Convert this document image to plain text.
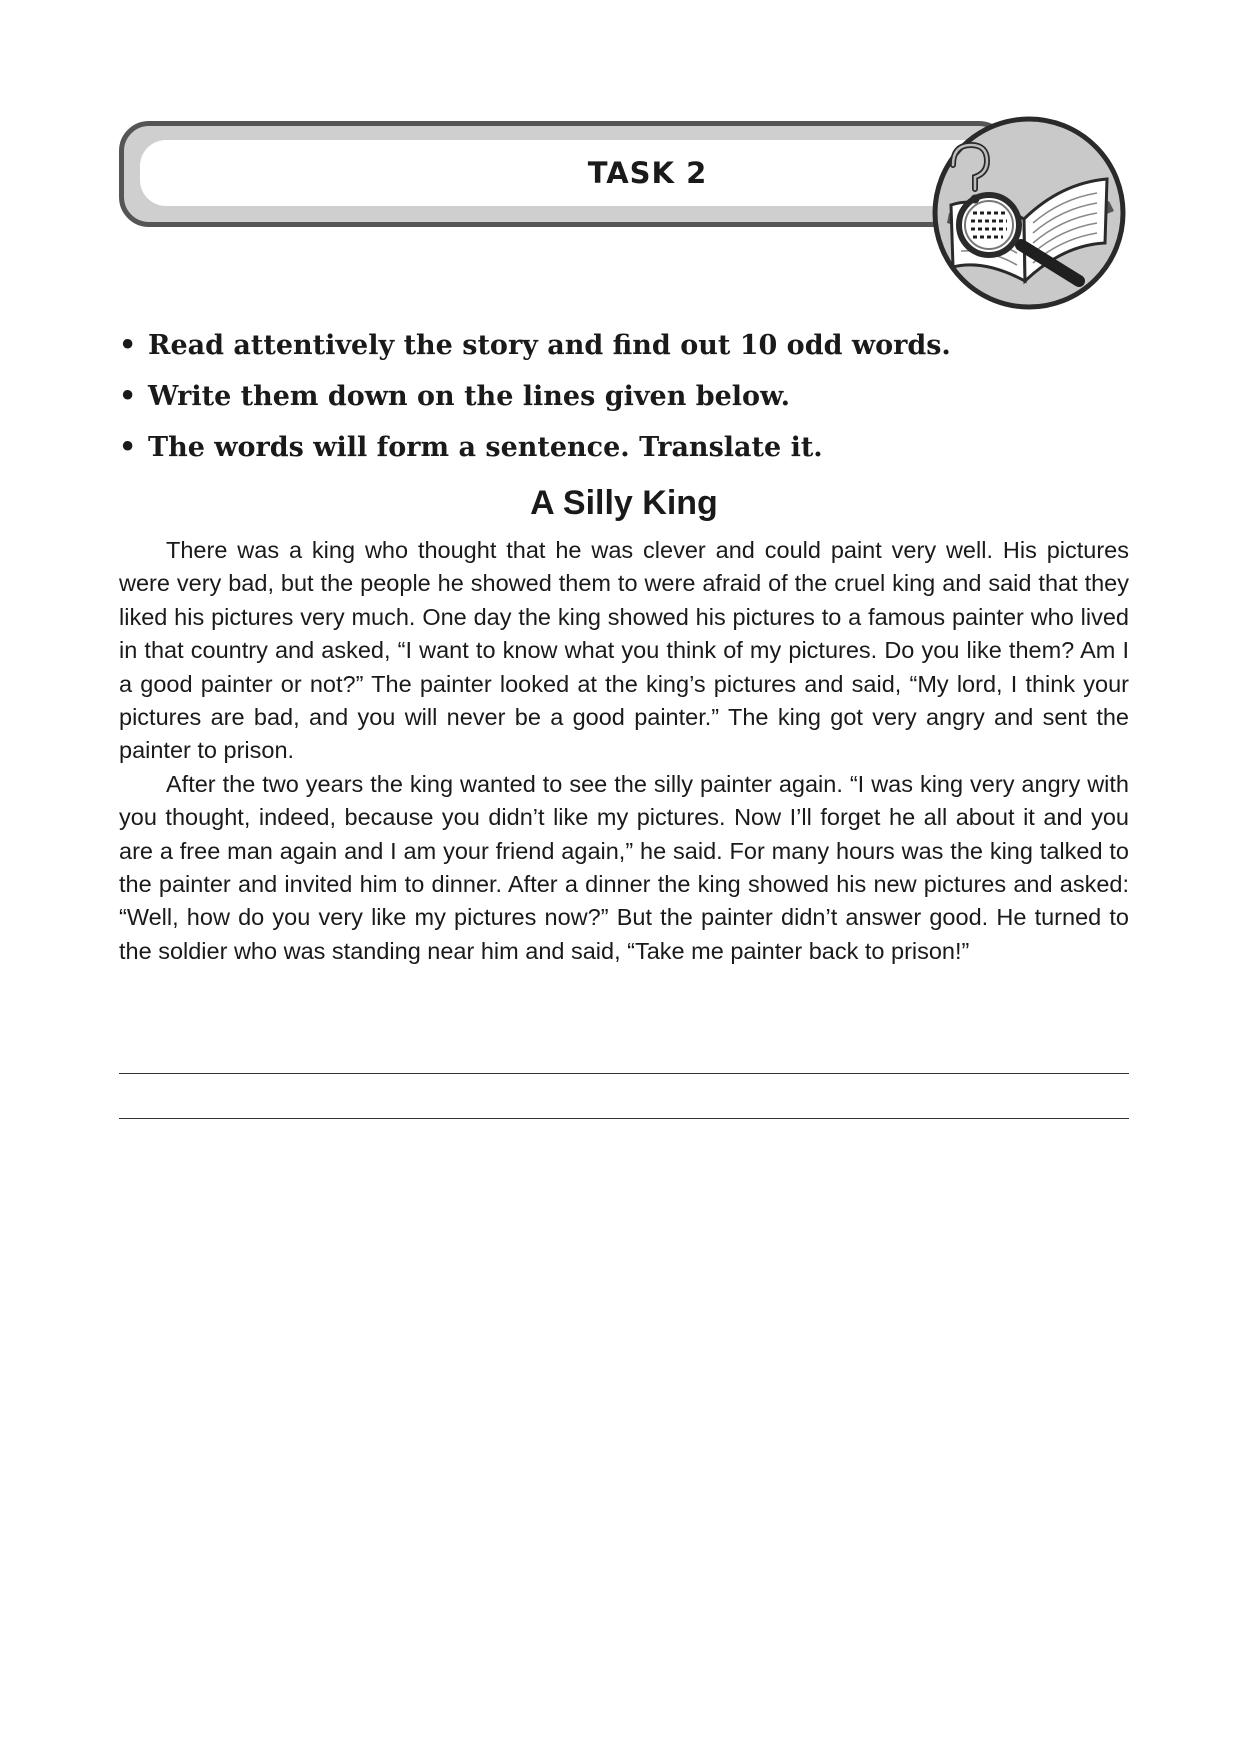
TASK 2
• Read attentively the story and find out 10 odd words.
• Write them down on the lines given below.
• The words will form a sentence. Translate it.
A Silly King

There was a king who thought that he was clever and could paint very well. His pictures were very bad, but the people he showed them to were afraid of the cruel king and said that they liked his pictures very much. One day the king showed his pictures to a famous painter who lived in that country and asked, “I want to know what you think of my pictures. Do you like them? Am I a good painter or not?” The painter looked at the king’s pictures and said, “My lord, I think your pictures are bad, and you will never be a good painter.” The king got very angry and sent the painter to prison.

After the two years the king wanted to see the silly painter again. “I was king very angry with you thought, indeed, because you didn’t like my pictures. Now I’ll forget he all about it and you are a free man again and I am your friend again,” he said. For many hours was the king talked to the painter and invited him to dinner. After a dinner the king showed his new pictures and asked: “Well, how do you very like my pictures now?” But the painter didn’t answer good. He turned to the soldier who was standing near him and said, “Take me painter back to prison!”
